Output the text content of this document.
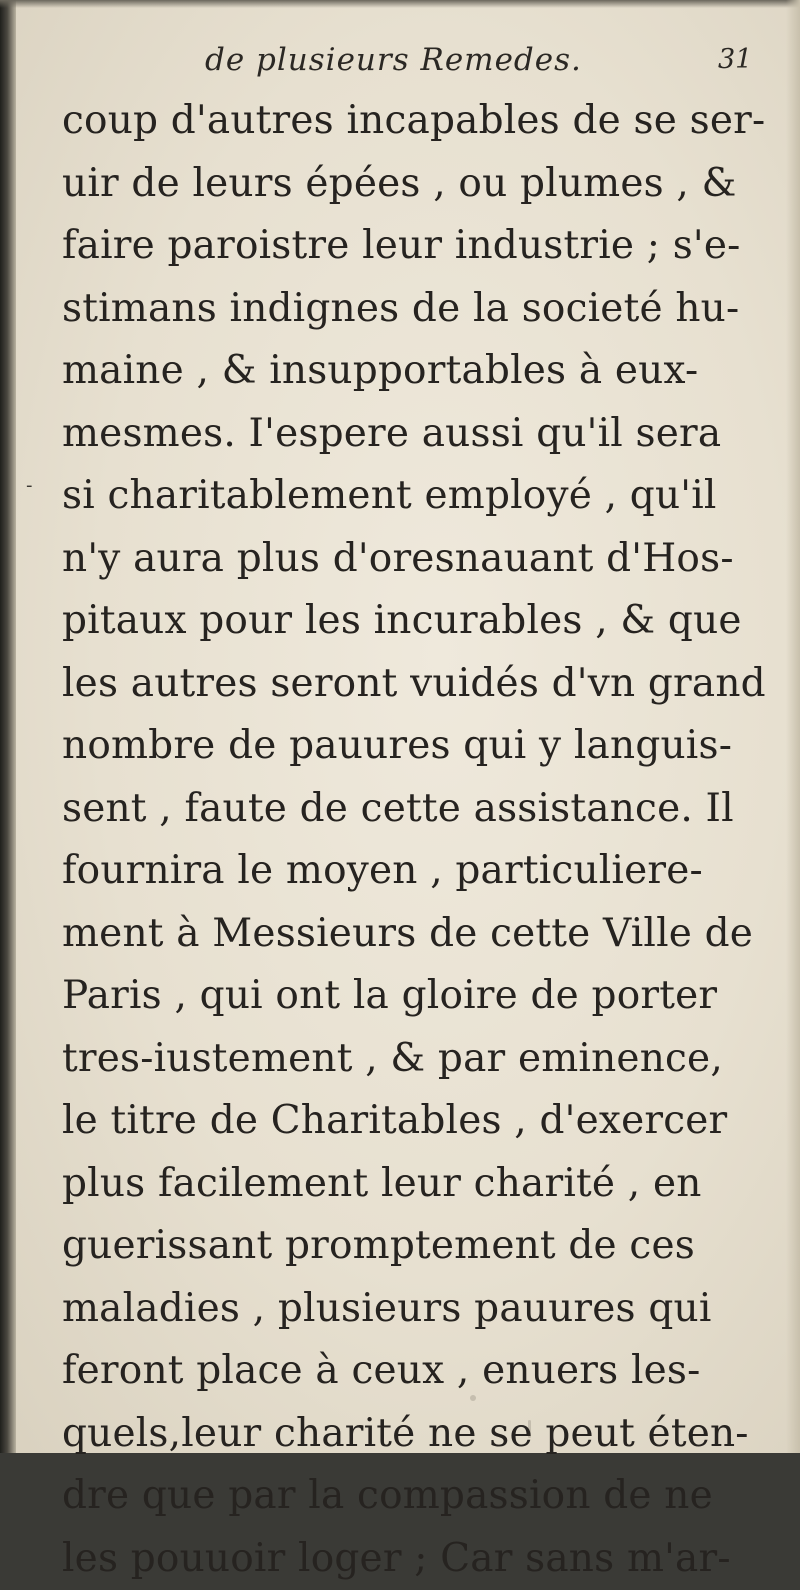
de plusieurs Remedes.	31
-
coup d'autres incapables de se ser-
uir de leurs épées , ou plumes , &
faire paroistre leur industrie ; s'e-
stimans indignes de la societé hu-
maine , & insupportables à eux-
mesmes. I'espere aussi qu'il sera
si charitablement employé , qu'il
n'y aura plus d'oresnauant d'Hos-
pitaux pour les incurables , & que
les autres seront vuidés d'vn grand
nombre de pauures qui y languis-
sent , faute de cette assistance. Il
fournira le moyen , particuliere-
ment à Messieurs de cette Ville de
Paris , qui ont la gloire de porter
tres-iustement , & par eminence,
le titre de Charitables , d'exercer
plus facilement leur charité , en
guerissant promptement de ces
maladies , plusieurs pauures qui
feront place à ceux , enuers les-
quels,leur charité ne se peut éten-
dre que par la compassion de ne
les pouuoir loger ; Car sans m'ar-
